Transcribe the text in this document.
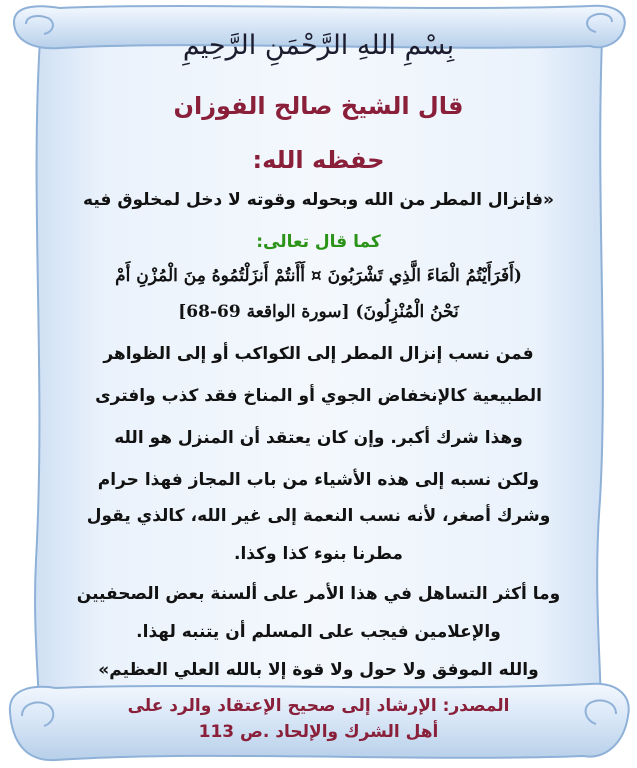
بِسْمِ اللهِ الرَّحْمَنِ الرَّحِيمِ
قال الشيخ صالح الفوزان
حفظه الله:
«فإنزال المطر من الله وبحوله وقوته لا دخل لمخلوق فيه
كما قال تعالى:
(أَفَرَأَيْتُمُ الْمَاءَ الَّذِي تَشْرَبُونَ ¤ أَأَنتُمْ أَنزَلْتُمُوهُ مِنَ الْمُزْنِ أَمْ
نَحْنُ الْمُنْزِلُونَ) [سورة الواقعة 69-68]
فمن نسب إنزال المطر إلى الكواكب أو إلى الظواهر
الطبيعية كالإنخفاض الجوي أو المناخ فقد كذب وافترى
وهذا شرك أكبر. وإن كان يعتقد أن المنزل هو الله
ولكن نسبه إلى هذه الأشياء من باب المجاز فهذا حرام
وشرك أصغر، لأنه نسب النعمة إلى غير الله، كالذي يقول
مطرنا بنوء كذا وكذا.
وما أكثر التساهل في هذا الأمر على ألسنة بعض الصحفيين
والإعلامين فيجب على المسلم أن يتنبه لهذا.
والله الموفق ولا حول ولا قوة إلا بالله العلي العظيم»
المصدر: الإرشاد إلى صحيح الإعتقاد والرد على
أهل الشرك والإلحاد .ص 113
